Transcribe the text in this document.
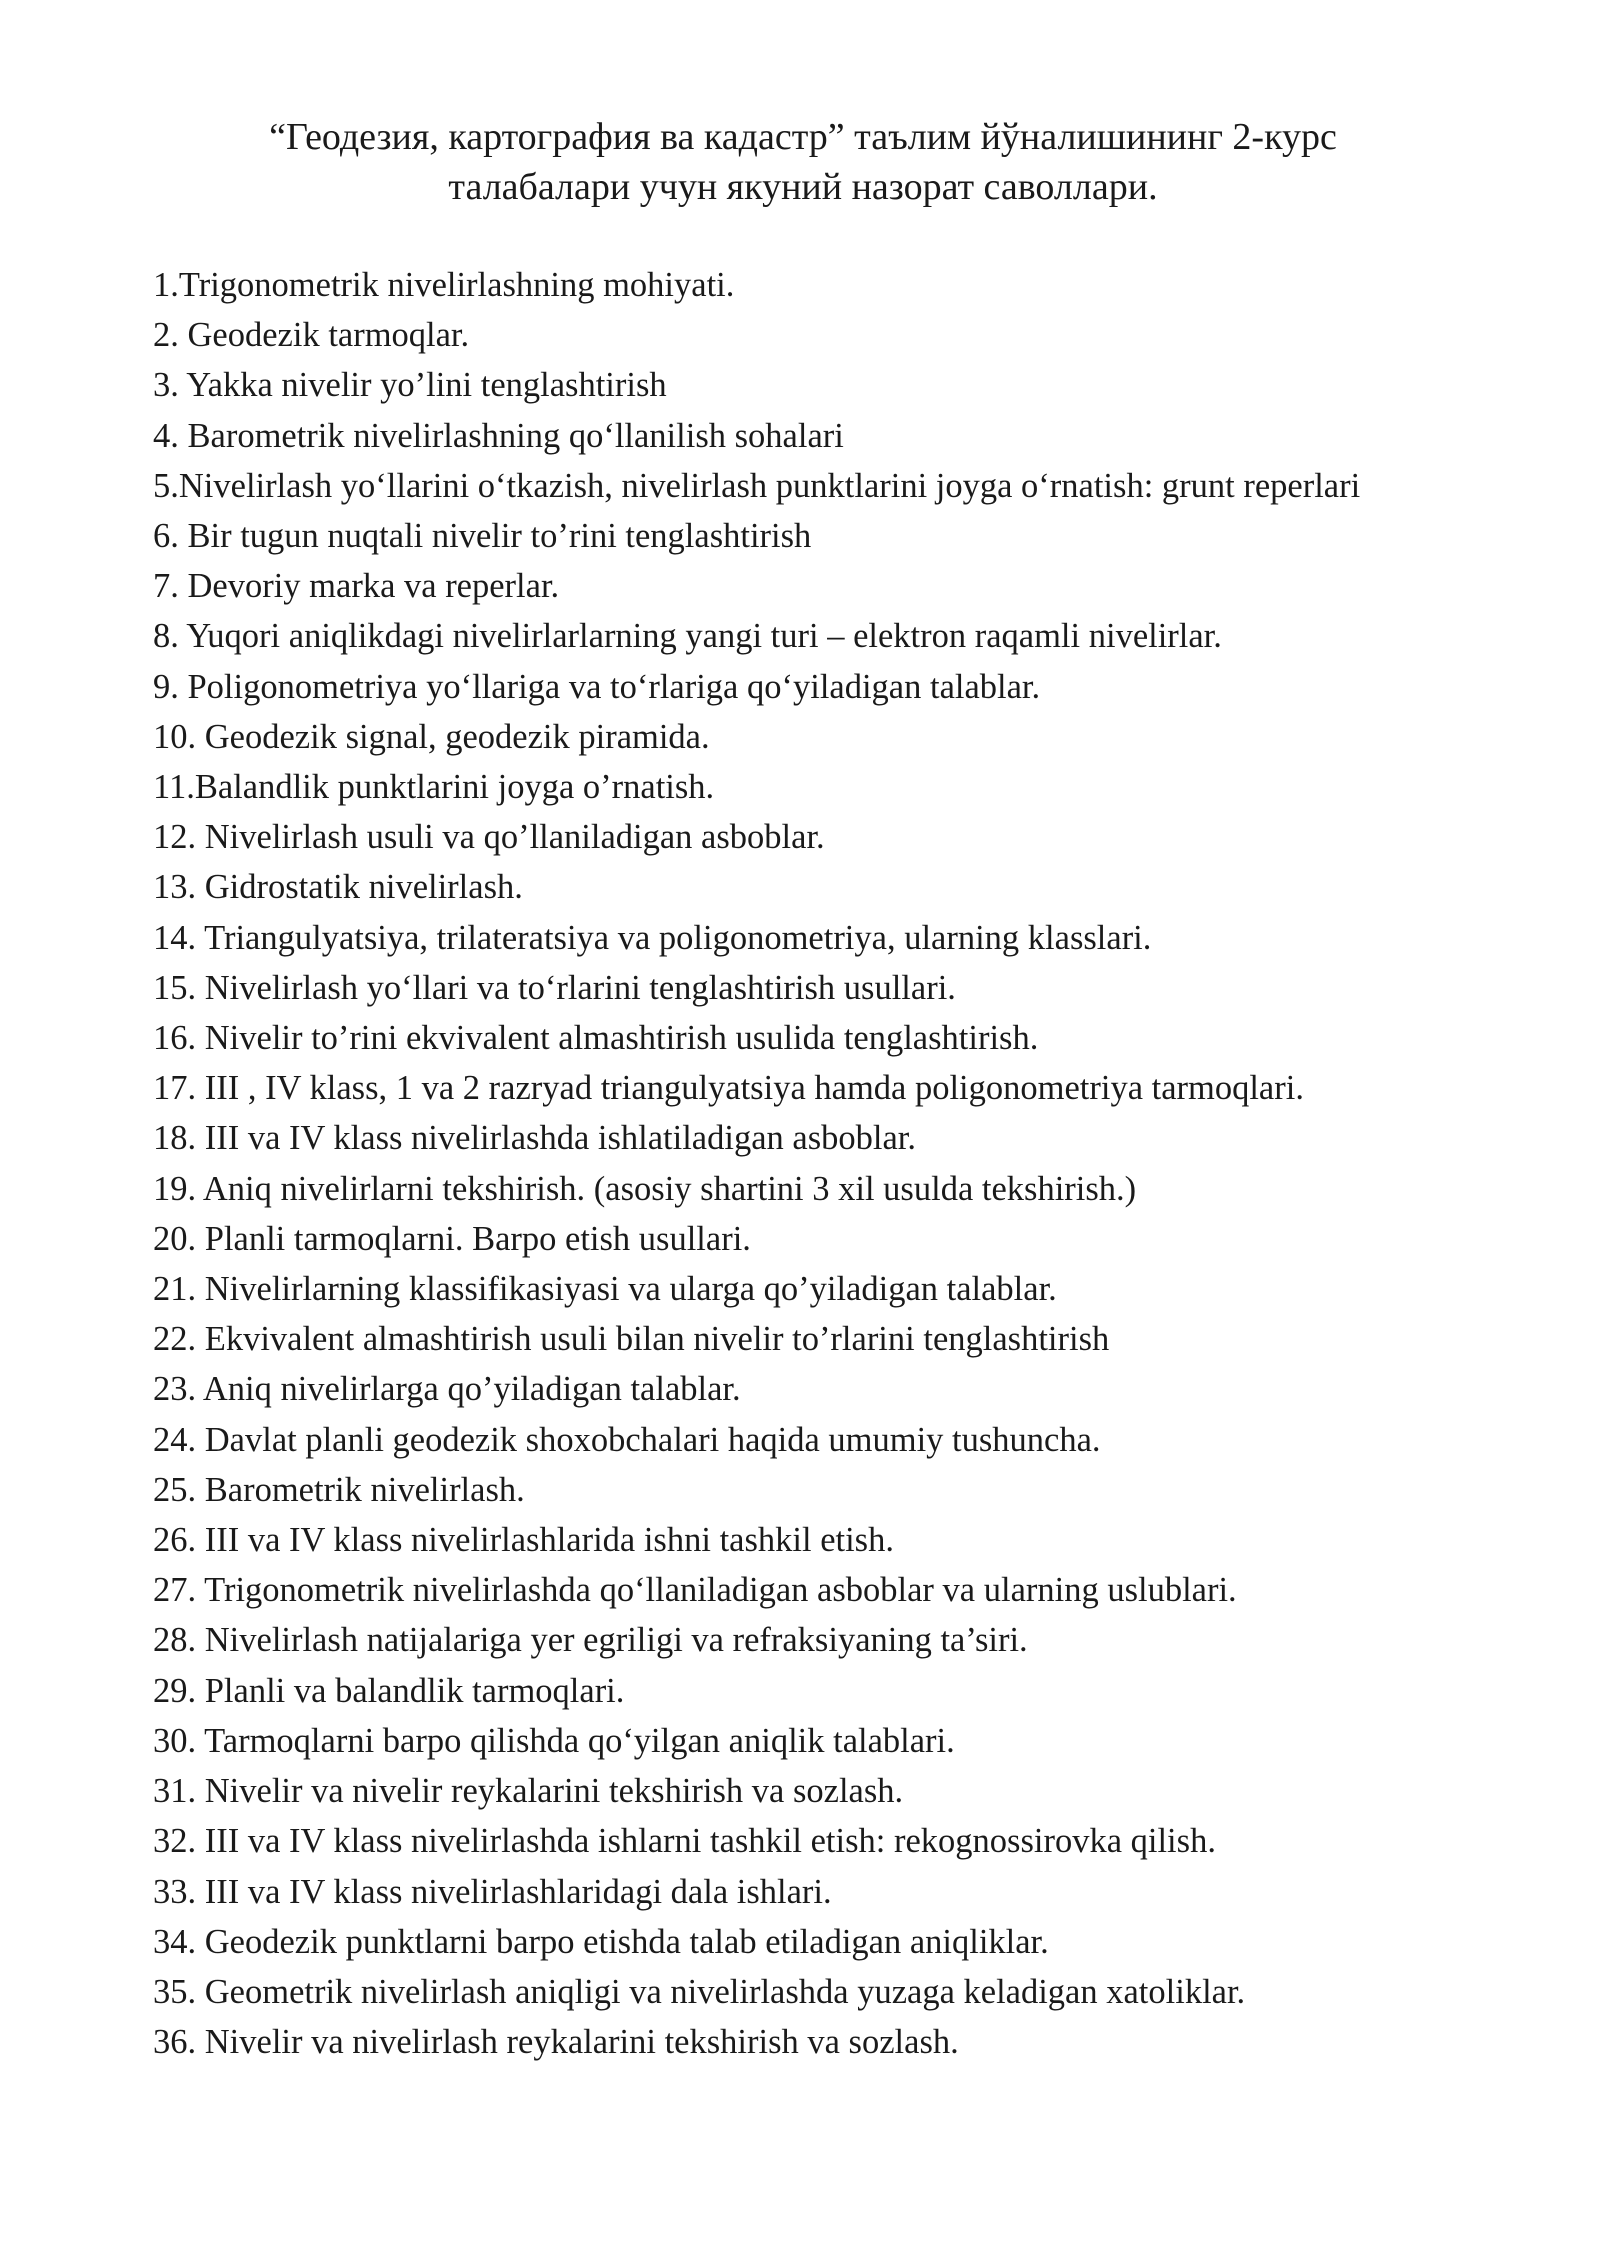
“Геодезия, картография ва кадастр” таълим йўналишининг 2-курс
талабалари учун якуний назорат саволлари.
1.Trigonometrik nivelirlashning mohiyati.
2. Geodezik tarmoqlar.
3. Yakka nivelir yo’lini tenglashtirish
4. Barometrik nivelirlashning qo‘llanilish sohalari
5.Nivelirlash yo‘llarini o‘tkazish, nivelirlash punktlarini joyga o‘rnatish: grunt reperlari
6. Bir tugun nuqtali nivelir to’rini tenglashtirish
7. Devoriy marka va reperlar.
8. Yuqori aniqlikdagi nivelirlarlarning yangi turi – elektron raqamli nivelirlar.
9. Poligonometriya yo‘llariga va to‘rlariga qo‘yiladigan talablar.
10. Geodezik signal, geodezik piramida.
11.Balandlik punktlarini joyga o’rnatish.
12. Nivelirlash usuli va qo’llaniladigan asboblar.
13. Gidrostatik nivelirlash.
14. Triangulyatsiya, trilateratsiya va poligonometriya, ularning klasslari.
15. Nivelirlash yo‘llari va to‘rlarini tenglashtirish usullari.
16. Nivelir to’rini ekvivalent almashtirish usulida tenglashtirish.
17. III , IV klass, 1 va 2 razryad triangulyatsiya hamda poligonometriya tarmoqlari.
18. III va IV klass nivelirlashda ishlatiladigan asboblar.
19. Aniq nivelirlarni tekshirish. (asosiy shartini 3 xil usulda tekshirish.)
20. Planli tarmoqlarni. Barpo etish usullari.
21. Nivelirlarning klassifikasiyasi va ularga qo’yiladigan talablar.
22. Ekvivalent almashtirish usuli bilan nivelir to’rlarini tenglashtirish
23. Aniq nivelirlarga qo’yiladigan talablar.
24. Davlat planli geodezik shoxobchalari haqida umumiy tushuncha.
25. Barometrik nivelirlash.
26. III va IV klass nivelirlashlarida ishni tashkil etish.
27. Trigonometrik nivelirlashda qo‘llaniladigan asboblar va ularning uslublari.
28. Nivelirlash natijalariga yer egriligi va refraksiyaning ta’siri.
29. Planli va balandlik tarmoqlari.
30. Tarmoqlarni barpo qilishda qo‘yilgan aniqlik talablari.
31. Nivelir va nivelir reykalarini tekshirish va sozlash.
32. III va IV klass nivelirlashda ishlarni tashkil etish: rekognossirovka qilish.
33. III va IV klass nivelirlashlaridagi dala ishlari.
34. Geodezik punktlarni barpo etishda talab etiladigan aniqliklar.
35. Geometrik nivelirlash aniqligi va nivelirlashda yuzaga keladigan xatoliklar.
36. Nivelir va nivelirlash reykalarini tekshirish va sozlash.
